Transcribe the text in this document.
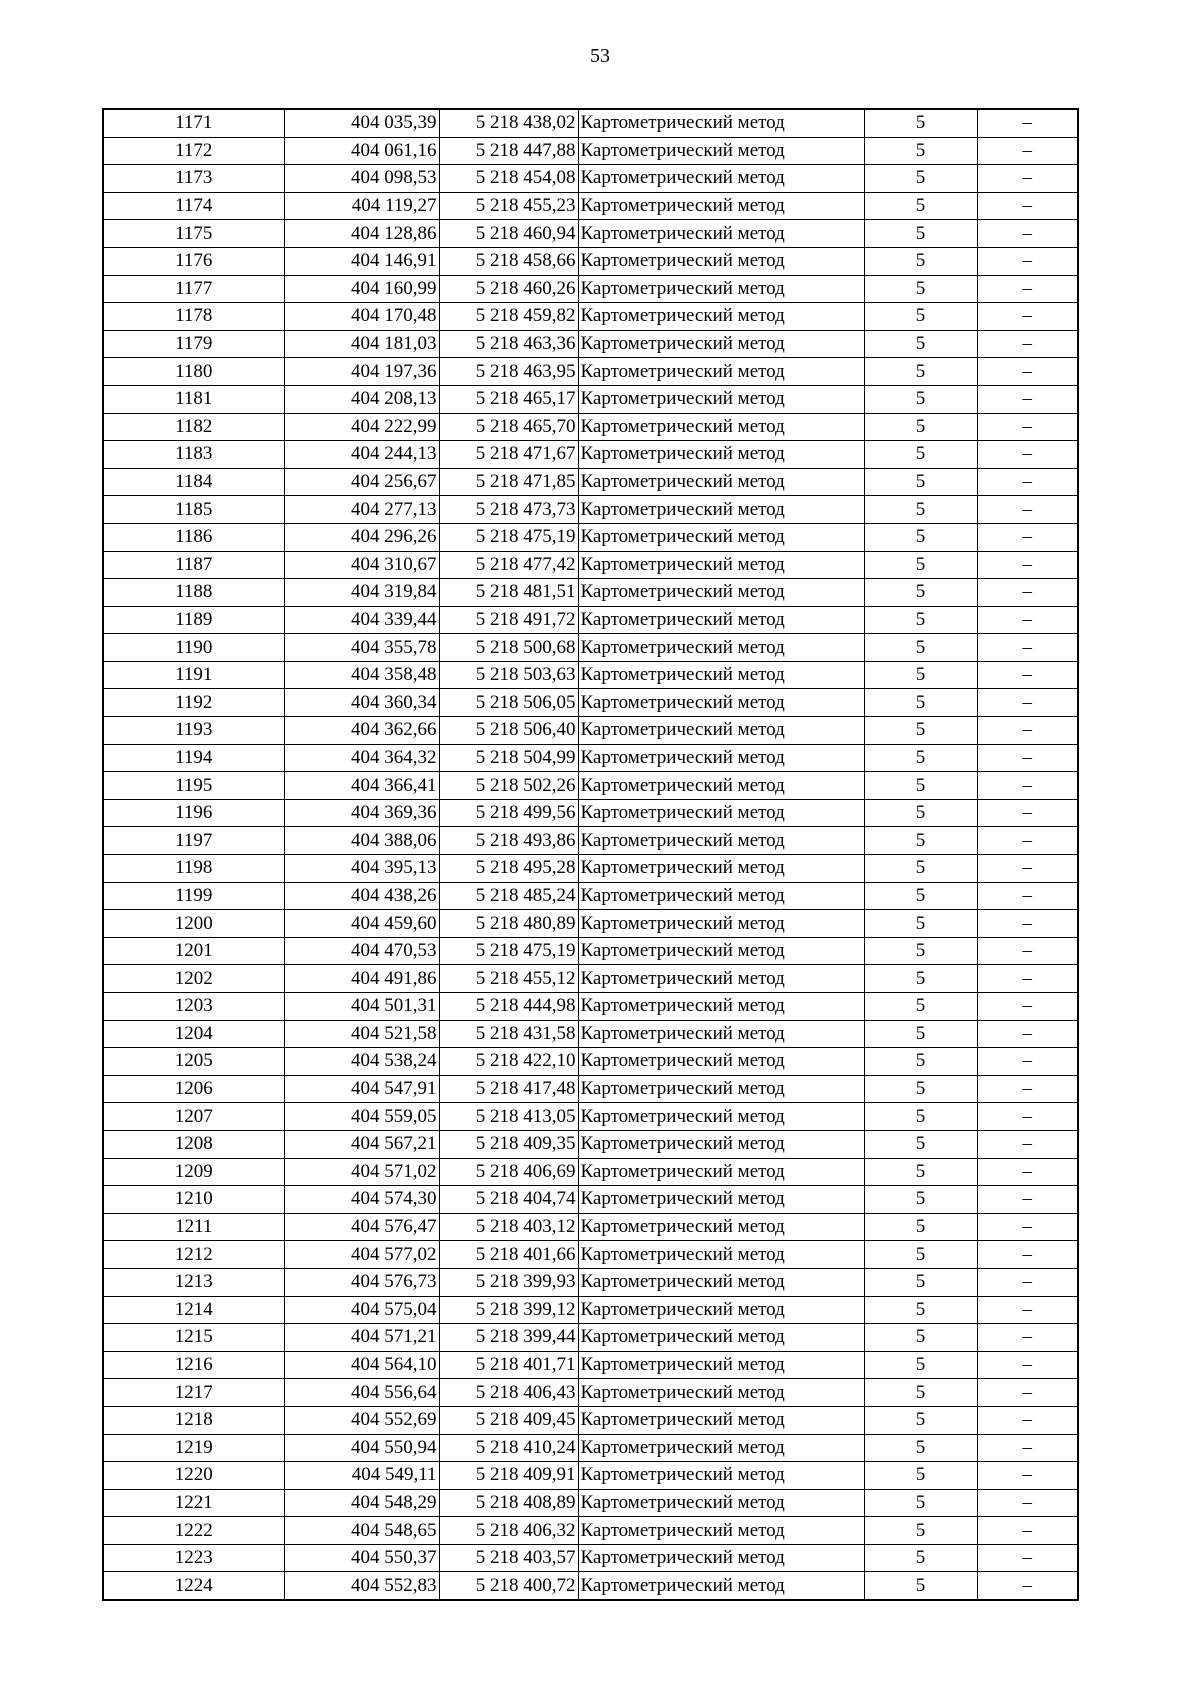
53
1171	404 035,39	5 218 438,02	Картометрический метод	5	–
1172	404 061,16	5 218 447,88	Картометрический метод	5	–
1173	404 098,53	5 218 454,08	Картометрический метод	5	–
1174	404 119,27	5 218 455,23	Картометрический метод	5	–
1175	404 128,86	5 218 460,94	Картометрический метод	5	–
1176	404 146,91	5 218 458,66	Картометрический метод	5	–
1177	404 160,99	5 218 460,26	Картометрический метод	5	–
1178	404 170,48	5 218 459,82	Картометрический метод	5	–
1179	404 181,03	5 218 463,36	Картометрический метод	5	–
1180	404 197,36	5 218 463,95	Картометрический метод	5	–
1181	404 208,13	5 218 465,17	Картометрический метод	5	–
1182	404 222,99	5 218 465,70	Картометрический метод	5	–
1183	404 244,13	5 218 471,67	Картометрический метод	5	–
1184	404 256,67	5 218 471,85	Картометрический метод	5	–
1185	404 277,13	5 218 473,73	Картометрический метод	5	–
1186	404 296,26	5 218 475,19	Картометрический метод	5	–
1187	404 310,67	5 218 477,42	Картометрический метод	5	–
1188	404 319,84	5 218 481,51	Картометрический метод	5	–
1189	404 339,44	5 218 491,72	Картометрический метод	5	–
1190	404 355,78	5 218 500,68	Картометрический метод	5	–
1191	404 358,48	5 218 503,63	Картометрический метод	5	–
1192	404 360,34	5 218 506,05	Картометрический метод	5	–
1193	404 362,66	5 218 506,40	Картометрический метод	5	–
1194	404 364,32	5 218 504,99	Картометрический метод	5	–
1195	404 366,41	5 218 502,26	Картометрический метод	5	–
1196	404 369,36	5 218 499,56	Картометрический метод	5	–
1197	404 388,06	5 218 493,86	Картометрический метод	5	–
1198	404 395,13	5 218 495,28	Картометрический метод	5	–
1199	404 438,26	5 218 485,24	Картометрический метод	5	–
1200	404 459,60	5 218 480,89	Картометрический метод	5	–
1201	404 470,53	5 218 475,19	Картометрический метод	5	–
1202	404 491,86	5 218 455,12	Картометрический метод	5	–
1203	404 501,31	5 218 444,98	Картометрический метод	5	–
1204	404 521,58	5 218 431,58	Картометрический метод	5	–
1205	404 538,24	5 218 422,10	Картометрический метод	5	–
1206	404 547,91	5 218 417,48	Картометрический метод	5	–
1207	404 559,05	5 218 413,05	Картометрический метод	5	–
1208	404 567,21	5 218 409,35	Картометрический метод	5	–
1209	404 571,02	5 218 406,69	Картометрический метод	5	–
1210	404 574,30	5 218 404,74	Картометрический метод	5	–
1211	404 576,47	5 218 403,12	Картометрический метод	5	–
1212	404 577,02	5 218 401,66	Картометрический метод	5	–
1213	404 576,73	5 218 399,93	Картометрический метод	5	–
1214	404 575,04	5 218 399,12	Картометрический метод	5	–
1215	404 571,21	5 218 399,44	Картометрический метод	5	–
1216	404 564,10	5 218 401,71	Картометрический метод	5	–
1217	404 556,64	5 218 406,43	Картометрический метод	5	–
1218	404 552,69	5 218 409,45	Картометрический метод	5	–
1219	404 550,94	5 218 410,24	Картометрический метод	5	–
1220	404 549,11	5 218 409,91	Картометрический метод	5	–
1221	404 548,29	5 218 408,89	Картометрический метод	5	–
1222	404 548,65	5 218 406,32	Картометрический метод	5	–
1223	404 550,37	5 218 403,57	Картометрический метод	5	–
1224	404 552,83	5 218 400,72	Картометрический метод	5	–
